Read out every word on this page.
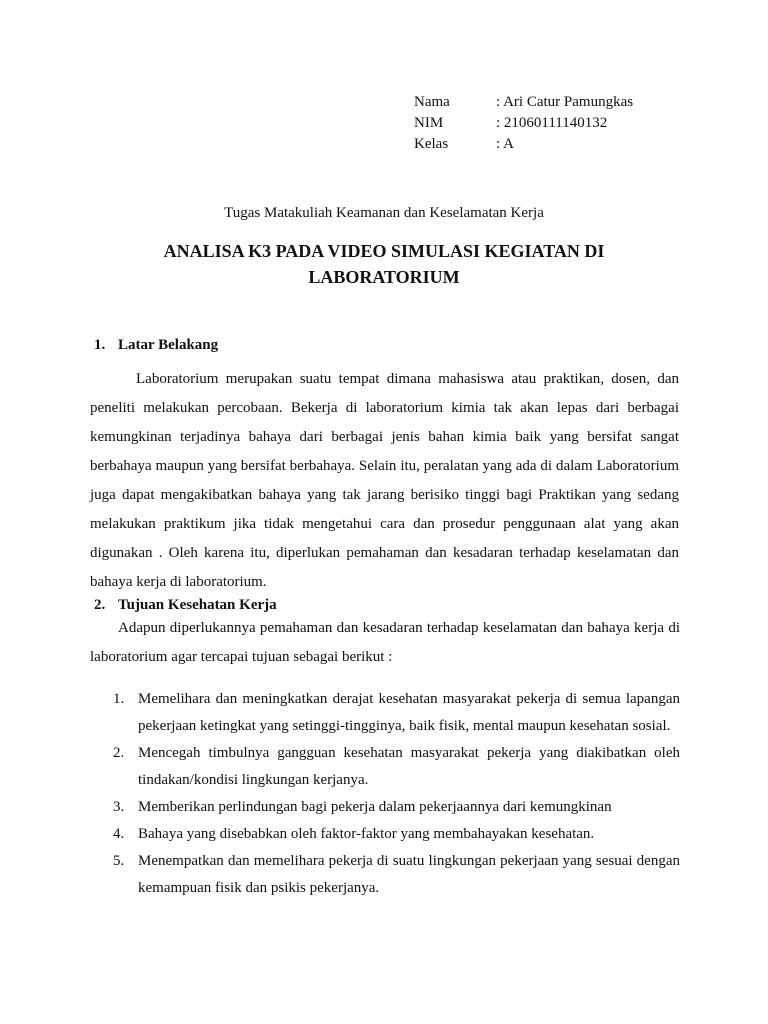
Nama	: Ari Catur Pamungkas
NIM	: 21060111140132
Kelas	: A
Tugas Matakuliah Keamanan dan Keselamatan Kerja
ANALISA K3 PADA VIDEO SIMULASI KEGIATAN DI
LABORATORIUM
1. Latar Belakang

Laboratorium merupakan suatu tempat dimana mahasiswa atau praktikan, dosen, dan peneliti melakukan percobaan. Bekerja di laboratorium kimia tak akan lepas dari berbagai kemungkinan terjadinya bahaya dari berbagai jenis bahan kimia baik yang bersifat sangat berbahaya maupun yang bersifat berbahaya. Selain itu, peralatan yang ada di dalam Laboratorium juga dapat mengakibatkan bahaya yang tak jarang berisiko tinggi bagi Praktikan yang sedang melakukan praktikum jika tidak mengetahui cara dan prosedur penggunaan alat yang akan digunakan . Oleh karena itu, diperlukan pemahaman dan kesadaran terhadap keselamatan dan bahaya kerja di laboratorium.

2. Tujuan Kesehatan Kerja
Adapun diperlukannya pemahaman dan kesadaran terhadap keselamatan dan bahaya kerja di
laboratorium agar tercapai tujuan sebagai berikut :
1. Memelihara dan meningkatkan derajat kesehatan masyarakat pekerja di semua lapangan pekerjaan ketingkat yang setinggi-tingginya, baik fisik, mental maupun kesehatan sosial.
2. Mencegah timbulnya gangguan kesehatan masyarakat pekerja yang diakibatkan oleh tindakan/kondisi lingkungan kerjanya.
3. Memberikan perlindungan bagi pekerja dalam pekerjaannya dari kemungkinan
4. Bahaya yang disebabkan oleh faktor-faktor yang membahayakan kesehatan.
5. Menempatkan dan memelihara pekerja di suatu lingkungan pekerjaan yang sesuai dengan kemampuan fisik dan psikis pekerjanya.
